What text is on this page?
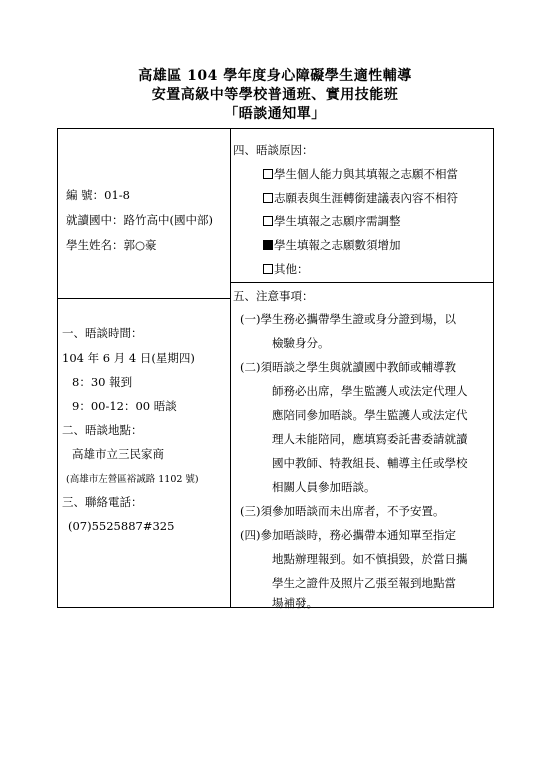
高雄區 104 學年度身心障礙學生適性輔導
安置高級中等學校普通班、實用技能班
「晤談通知單」
編 號：01-8
就讀國中：路竹高中(國中部)
學生姓名：郭○豪
一、晤談時間：
104 年 6 月 4 日(星期四)
8：30 報到
9：00-12：00 晤談
二、晤談地點：
高雄市立三民家商
(高雄市左營區裕誠路 1102 號)
三、聯絡電話：
(07)5525887#325
四、晤談原因：
學生個人能力與其填報之志願不相當
志願表與生涯轉銜建議表內容不相符
學生填報之志願序需調整
學生填報之志願數須增加
其他：
五、注意事項：
(一)學生務必攜帶學生證或身分證到場，以
檢驗身分。
(二)須晤談之學生與就讀國中教師或輔導教
師務必出席，學生監護人或法定代理人
應陪同參加晤談。學生監護人或法定代
理人未能陪同，應填寫委託書委請就讀
國中教師、特教組長、輔導主任或學校
相關人員參加晤談。
(三)須參加晤談而未出席者，不予安置。
(四)參加晤談時，務必攜帶本通知單至指定
地點辦理報到。如不慎損毀，於當日攜
學生之證件及照片乙張至報到地點當
場補發。
